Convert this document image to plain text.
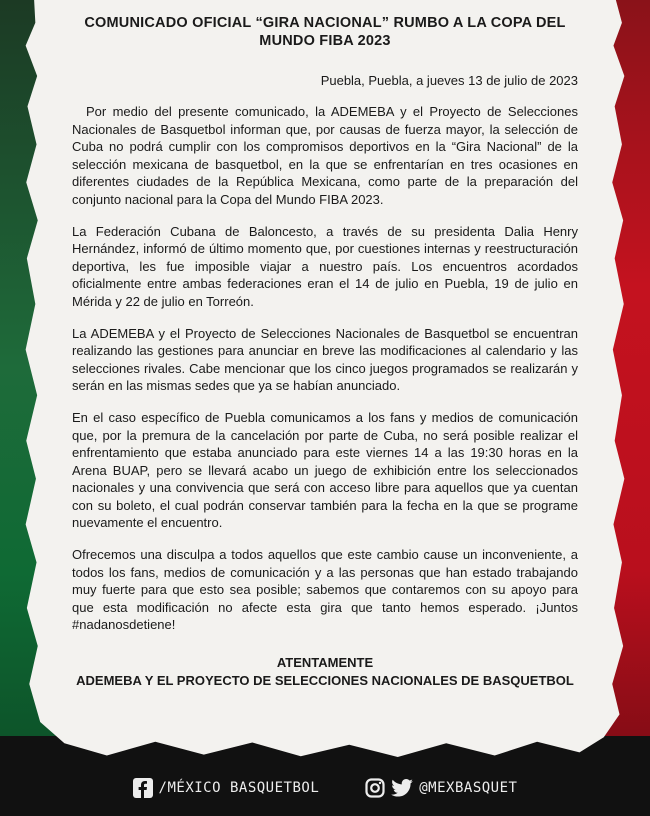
COMUNICADO OFICIAL “GIRA NACIONAL” RUMBO A LA COPA DEL MUNDO FIBA 2023

Puebla, Puebla, a jueves 13 de julio de 2023

Por medio del presente comunicado, la ADEMEBA y el Proyecto de Selecciones Nacionales de Basquetbol informan que, por causas de fuerza mayor, la selección de Cuba no podrá cumplir con los compromisos deportivos en la “Gira Nacional” de la selección mexicana de basquetbol, en la que se enfrentarían en tres ocasiones en diferentes ciudades de la República Mexicana, como parte de la preparación del conjunto nacional para la Copa del Mundo FIBA 2023.

La Federación Cubana de Baloncesto, a través de su presidenta Dalia Henry Hernández, informó de último momento que, por cuestiones internas y reestructuración deportiva, les fue imposible viajar a nuestro país. Los encuentros acordados oficialmente entre ambas federaciones eran el 14 de julio en Puebla, 19 de julio en Mérida y 22 de julio en Torreón.

La ADEMEBA y el Proyecto de Selecciones Nacionales de Basquetbol se encuentran realizando las gestiones para anunciar en breve las modificaciones al calendario y las selecciones rivales. Cabe mencionar que los cinco juegos programados se realizarán y serán en las mismas sedes que ya se habían anunciado.

En el caso específico de Puebla comunicamos a los fans y medios de comunicación que, por la premura de la cancelación por parte de Cuba, no será posible realizar el enfrentamiento que estaba anunciado para este viernes 14 a las 19:30 horas en la Arena BUAP, pero se llevará acabo un juego de exhibición entre los seleccionados nacionales y una convivencia que será con acceso libre para aquellos que ya cuentan con su boleto, el cual podrán conservar también para la fecha en la que se programe nuevamente el encuentro.

Ofrecemos una disculpa a todos aquellos que este cambio cause un inconveniente, a todos los fans, medios de comunicación y a las personas que han estado trabajando muy fuerte para que esto sea posible; sabemos que contaremos con su apoyo para que esta modificación no afecte esta gira que tanto hemos esperado. ¡Juntos #nadanosdetiene!

ATENTAMENTE
ADEMEBA Y EL PROYECTO DE SELECCIONES NACIONALES DE BASQUETBOL
/MÉXICO BASQUETBOL	@MEXBASQUET
